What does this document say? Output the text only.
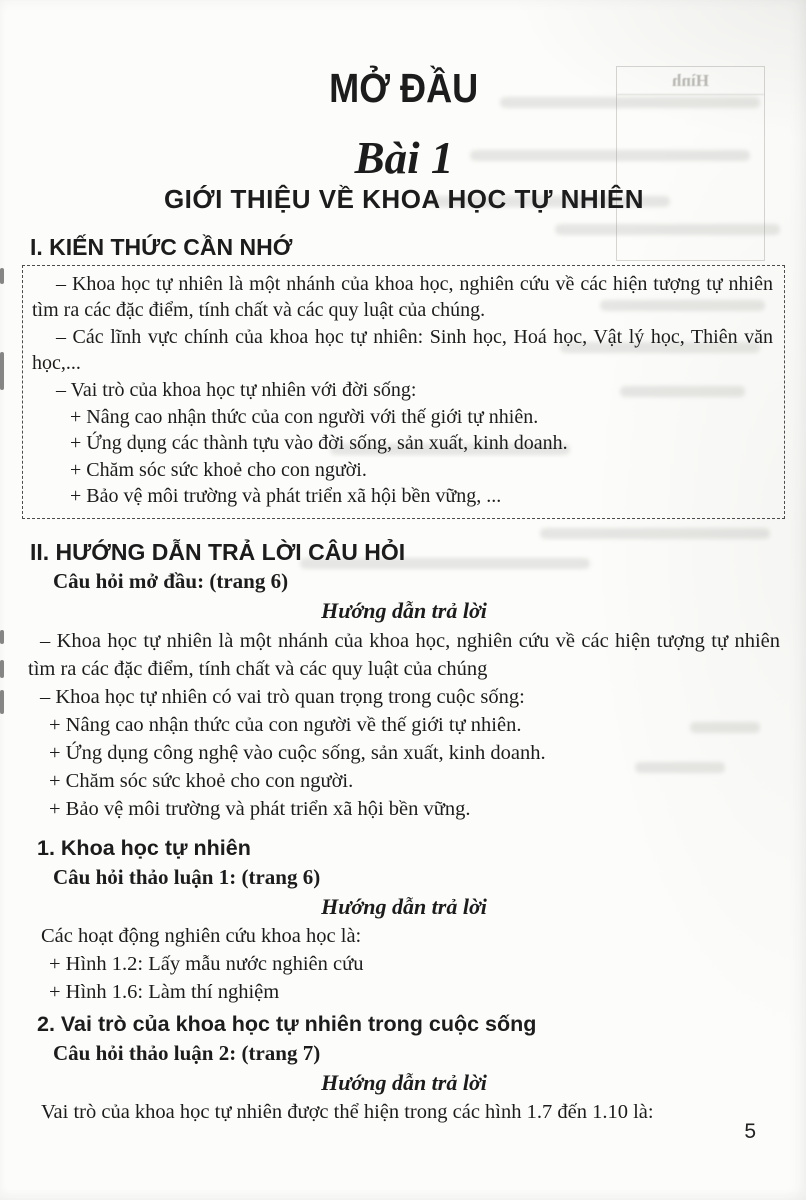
Hình
MỞ ĐẦU
Bài 1
GIỚI THIỆU VỀ KHOA HỌC TỰ NHIÊN
I. KIẾN THỨC CẦN NHỚ
– Khoa học tự nhiên là một nhánh của khoa học, nghiên cứu về các hiện tượng tự nhiên tìm ra các đặc điểm, tính chất và các quy luật của chúng.
– Các lĩnh vực chính của khoa học tự nhiên: Sinh học, Hoá học, Vật lý học, Thiên văn học,...
– Vai trò của khoa học tự nhiên với đời sống:
+ Nâng cao nhận thức của con người với thế giới tự nhiên.
+ Ứng dụng các thành tựu vào đời sống, sản xuất, kinh doanh.
+ Chăm sóc sức khoẻ cho con người.
+ Bảo vệ môi trường và phát triển xã hội bền vững, ...
II. HƯỚNG DẪN TRẢ LỜI CÂU HỎI
Câu hỏi mở đầu: (trang 6)
Hướng dẫn trả lời
– Khoa học tự nhiên là một nhánh của khoa học, nghiên cứu về các hiện tượng tự nhiên tìm ra các đặc điểm, tính chất và các quy luật của chúng
– Khoa học tự nhiên có vai trò quan trọng trong cuộc sống:
+ Nâng cao nhận thức của con người về thế giới tự nhiên.
+ Ứng dụng công nghệ vào cuộc sống, sản xuất, kinh doanh.
+ Chăm sóc sức khoẻ cho con người.
+ Bảo vệ môi trường và phát triển xã hội bền vững.
1. Khoa học tự nhiên
Câu hỏi thảo luận 1: (trang 6)
Hướng dẫn trả lời
Các hoạt động nghiên cứu khoa học là:
+ Hình 1.2: Lấy mẫu nước nghiên cứu
+ Hình 1.6: Làm thí nghiệm
2. Vai trò của khoa học tự nhiên trong cuộc sống
Câu hỏi thảo luận 2: (trang 7)
Hướng dẫn trả lời
Vai trò của khoa học tự nhiên được thể hiện trong các hình 1.7 đến 1.10 là:
5
